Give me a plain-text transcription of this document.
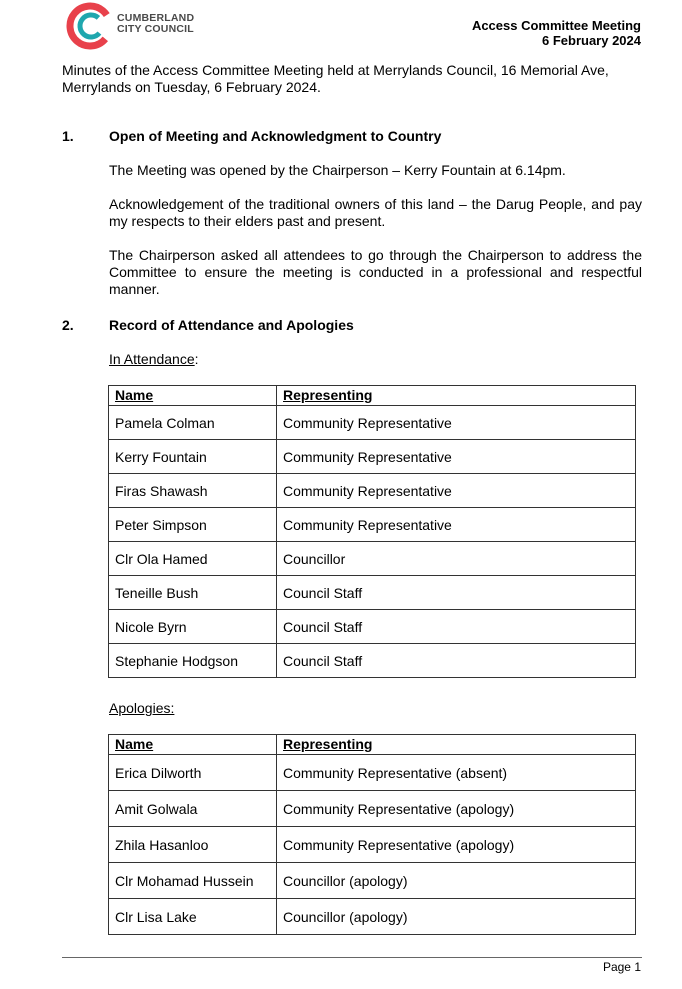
CUMBERLAND
CITY COUNCIL	Access Committee Meeting
6 February 2024
Minutes of the Access Committee Meeting held at Merrylands Council, 16 Memorial Ave, Merrylands on Tuesday, 6 February 2024.
1.	Open of Meeting and Acknowledgment to Country
The Meeting was opened by the Chairperson – Kerry Fountain at 6.14pm.
Acknowledgement of the traditional owners of this land – the Darug People, and pay my respects to their elders past and present.
The Chairperson asked all attendees to go through the Chairperson to address the Committee to ensure the meeting is conducted in a professional and respectful manner.
2.	Record of Attendance and Apologies
In Attendance:
Name	Representing
Pamela Colman	Community Representative
Kerry Fountain	Community Representative
Firas Shawash	Community Representative
Peter Simpson	Community Representative
Clr Ola Hamed	Councillor
Teneille Bush	Council Staff
Nicole Byrn	Council Staff
Stephanie Hodgson	Council Staff
Apologies:
Name	Representing
Erica Dilworth	Community Representative (absent)
Amit Golwala	Community Representative (apology)
Zhila Hasanloo	Community Representative (apology)
Clr Mohamad Hussein	Councillor (apology)
Clr Lisa Lake	Councillor (apology)
Page 1
